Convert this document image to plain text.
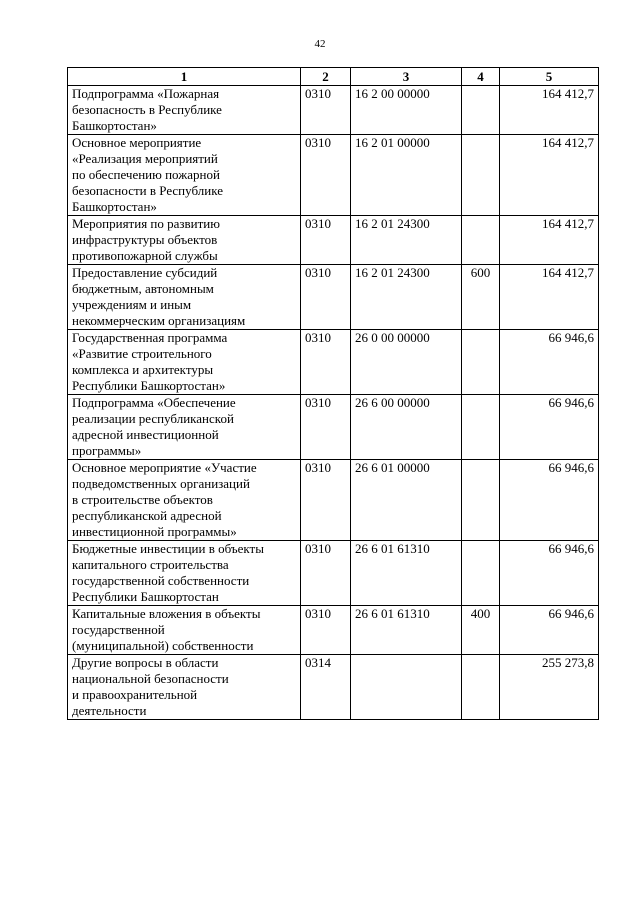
42
1	2	3	4	5
Подпрограмма «Пожарная
безопасность в Республике
Башкортостан»	0310	16 2 00 00000		164 412,7
Основное мероприятие
«Реализация мероприятий
по обеспечению пожарной
безопасности в Республике
Башкортостан»	0310	16 2 01 00000		164 412,7
Мероприятия по развитию
инфраструктуры объектов
противопожарной службы	0310	16 2 01 24300		164 412,7
Предоставление субсидий
бюджетным, автономным
учреждениям и иным
некоммерческим организациям	0310	16 2 01 24300	600	164 412,7
Государственная программа
«Развитие строительного
комплекса и архитектуры
Республики Башкортостан»	0310	26 0 00 00000		66 946,6
Подпрограмма «Обеспечение
реализации республиканской
адресной инвестиционной
программы»	0310	26 6 00 00000		66 946,6
Основное мероприятие «Участие
подведомственных организаций
в строительстве объектов
республиканской адресной
инвестиционной программы»	0310	26 6 01 00000		66 946,6
Бюджетные инвестиции в объекты
капитального строительства
государственной собственности
Республики Башкортостан	0310	26 6 01 61310		66 946,6
Капитальные вложения в объекты
государственной
(муниципальной) собственности	0310	26 6 01 61310	400	66 946,6
Другие вопросы в области
национальной безопасности
и правоохранительной
деятельности	0314			255 273,8
